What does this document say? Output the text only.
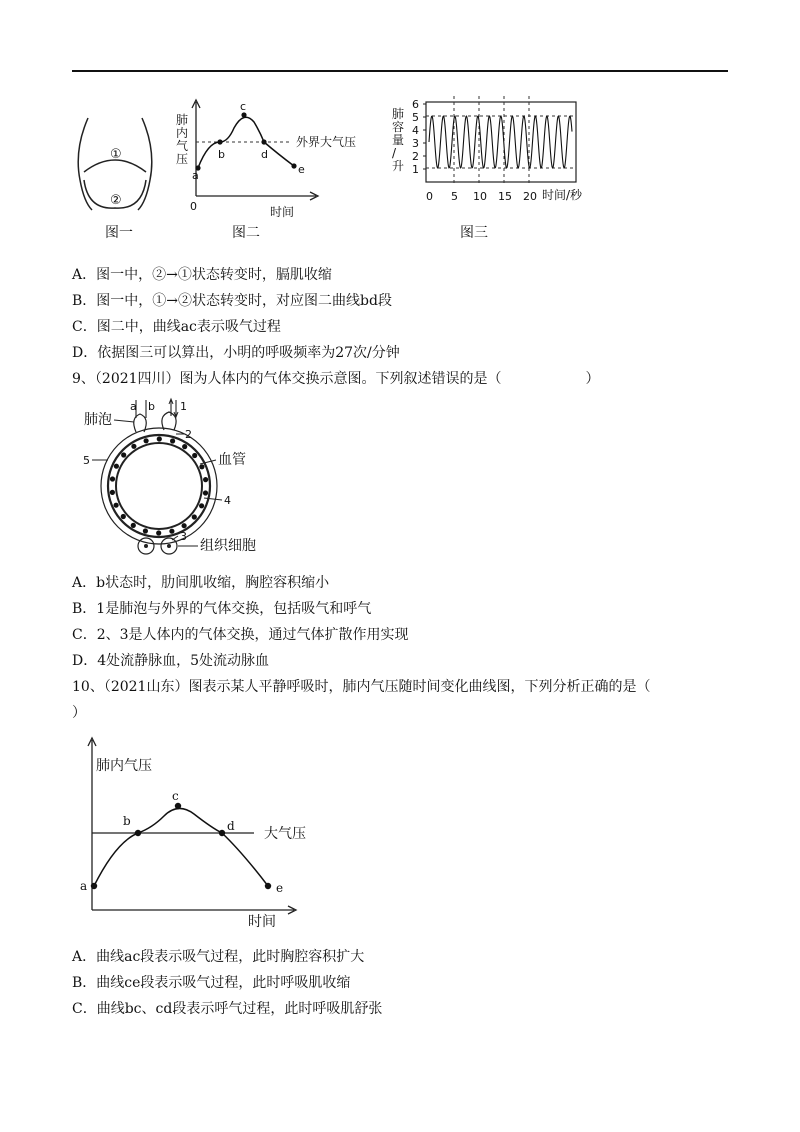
①
②
图一
a
b
c
d
e
外界大气压
0	时间
肺内气压
图二
6
5
4
3
2
1
0 5 10 15 20 时间/秒
肺容量/升
图三
A．图一中，②→①状态转变时，膈肌收缩
B．图一中，①→②状态转变时，对应图二曲线bd段
C．图二中，曲线ac表示吸气过程
D．依据图三可以算出，小明的呼吸频率为27次/分钟
9、（2021四川）图为人体内的气体交换示意图。下列叙述错误的是（　　　　　　）
a b 1
2
3
4
5
肺泡
血管
组织细胞
A．b状态时，肋间肌收缩，胸腔容积缩小
B．1是肺泡与外界的气体交换，包括吸气和呼气
C．2、3是人体内的气体交换，通过气体扩散作用实现
D．4处流静脉血，5处流动脉血
10、（2021山东）图表示某人平静呼吸时，肺内气压随时间变化曲线图，下列分析正确的是（
）
a
b
c
d
e
大气压
肺内气压
时间
A．曲线ac段表示吸气过程，此时胸腔容积扩大
B．曲线ce段表示吸气过程，此时呼吸肌收缩
C．曲线bc、cd段表示呼气过程，此时呼吸肌舒张
